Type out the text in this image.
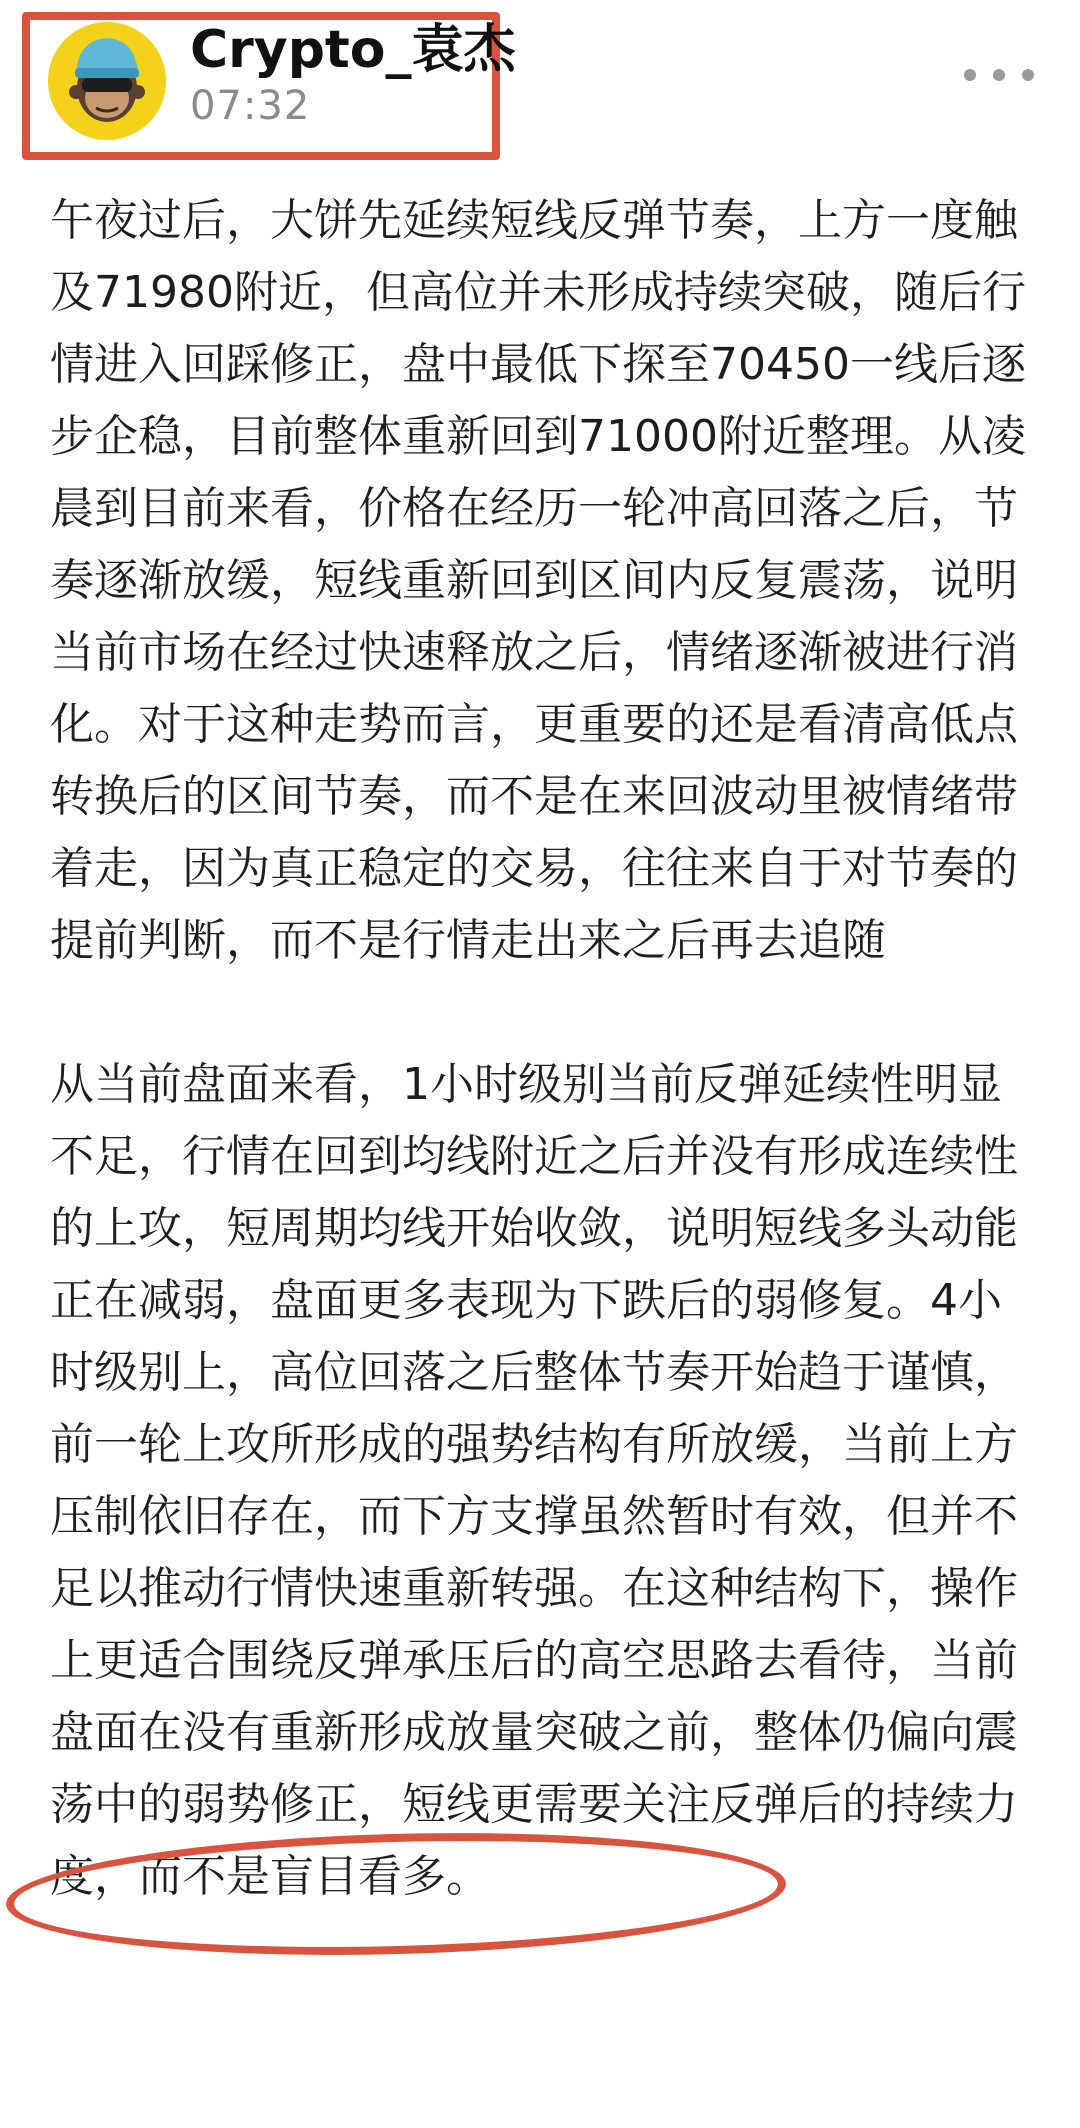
Crypto_袁杰
07:32

午夜过后，大饼先延续短线反弹节奏，上方一度触及71980附近，但高位并未形成持续突破，随后行情进入回踩修正，盘中最低下探至70450一线后逐步企稳，目前整体重新回到71000附近整理。从凌晨到目前来看，价格在经历一轮冲高回落之后，节奏逐渐放缓，短线重新回到区间内反复震荡，说明当前市场在经过快速释放之后，情绪逐渐被进行消化。对于这种走势而言，更重要的还是看清高低点转换后的区间节奏，而不是在来回波动里被情绪带着走，因为真正稳定的交易，往往来自于对节奏的提前判断，而不是行情走出来之后再去追随

从当前盘面来看，1小时级别当前反弹延续性明显不足，行情在回到均线附近之后并没有形成连续性的上攻，短周期均线开始收敛，说明短线多头动能正在减弱，盘面更多表现为下跌后的弱修复。4小时级别上，高位回落之后整体节奏开始趋于谨慎，前一轮上攻所形成的强势结构有所放缓，当前上方压制依旧存在，而下方支撑虽然暂时有效，但并不足以推动行情快速重新转强。在这种结构下，操作上更适合围绕反弹承压后的高空思路去看待，当前盘面在没有重新形成放量突破之前，整体仍偏向震荡中的弱势修正，短线更需要关注反弹后的持续力度，而不是盲目看多。
